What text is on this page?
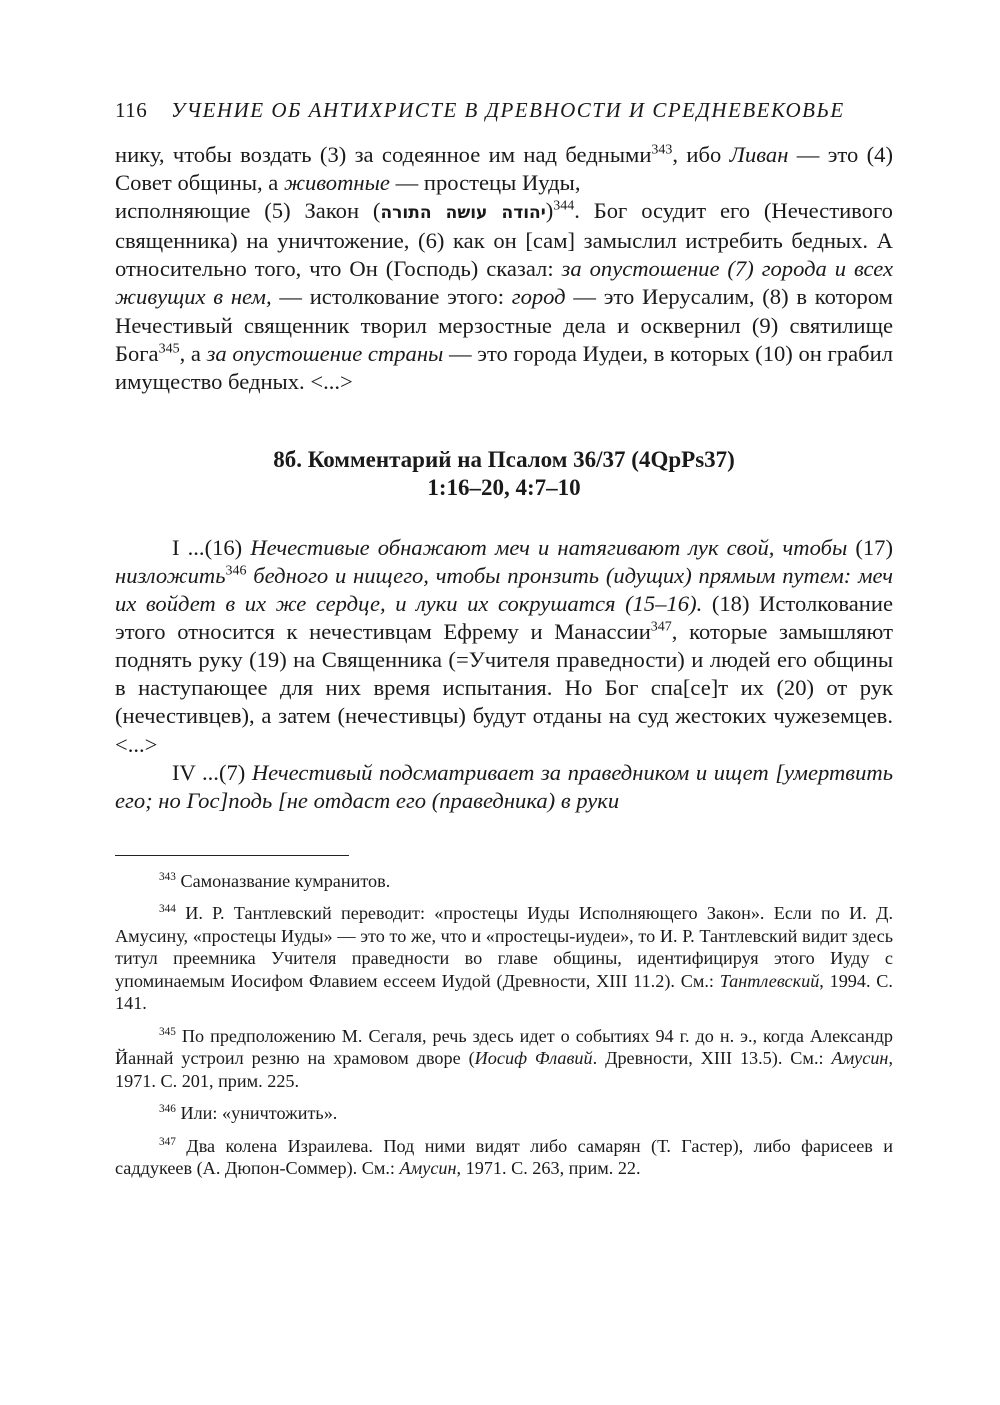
116 УЧЕНИЕ ОБ АНТИХРИСТЕ В ДРЕВНОСТИ И СРЕДНЕВЕКОВЬЕ

нику, чтобы воздать (3) за содеянное им над бедными$^{343}$, ибо Ливан — это (4) Совет общины, а животные — простецы Иуды,
исполняющие (5) Закон (יהודה עושה התורה)$^{344}$. Бог осудит его (Нечестивого священника) на уничтожение, (6) как он [сам] замыслил истребить бедных. А относительно того, что Он (Господь) сказал: за опустошение (7) города и всех живущих в нем, — истолкование этого: город — это Иерусалим, (8) в котором Нечестивый священник творил мерзостные дела и осквернил (9) святилище Бога$^{345}$, а за опустошение страны — это города Иудеи, в которых (10) он грабил имущество бедных. <...>

8б. Комментарий на Псалом 36/37 (4QpPs37)
1:16–20, 4:7–10

I ...(16) Нечестивые обнажают меч и натягивают лук свой, чтобы (17) низложить$^{346}$ бедного и нищего, чтобы пронзить (идущих) прямым путем: меч их войдет в их же сердце, и луки их сокрушатся (15–16). (18) Истолкование этого относится к нечестивцам Ефрему и Манассии$^{347}$, которые замышляют поднять руку (19) на Священника (=Учителя праведности) и людей его общины в наступающее для них время испытания. Но Бог спа[се]т их (20) от рук (нечестивцев), а затем (нечестивцы) будут отданы на суд жестоких чужеземцев. <...>

IV ...(7) Нечестивый подсматривает за праведником и ищет [умертвить его; но Гос]подь [не отдаст его (праведника) в руки

$^{343}$ Самоназвание кумранитов.

$^{344}$ И. Р. Тантлевский переводит: «простецы Иуды Исполняющего Закон». Если по И. Д. Амусину, «простецы Иуды» — это то же, что и «простецы-иудеи», то И. Р. Тантлевский видит здесь титул преемника Учителя праведности во главе общины, идентифицируя этого Иуду с упоминаемым Иосифом Флавием ессеем Иудой (Древности, XIII 11.2). См.: Тантлевский, 1994. С. 141.

$^{345}$ По предположению М. Сегаля, речь здесь идет о событиях 94 г. до н. э., когда Александр Йаннай устроил резню на храмовом дворе (Иосиф Флавий. Древности, XIII 13.5). См.: Амусин, 1971. С. 201, прим. 225.

$^{346}$ Или: «уничтожить».

$^{347}$ Два колена Израилева. Под ними видят либо самарян (Т. Гастер), либо фарисеев и саддукеев (А. Дюпон-Соммер). См.: Амусин, 1971. С. 263, прим. 22.
